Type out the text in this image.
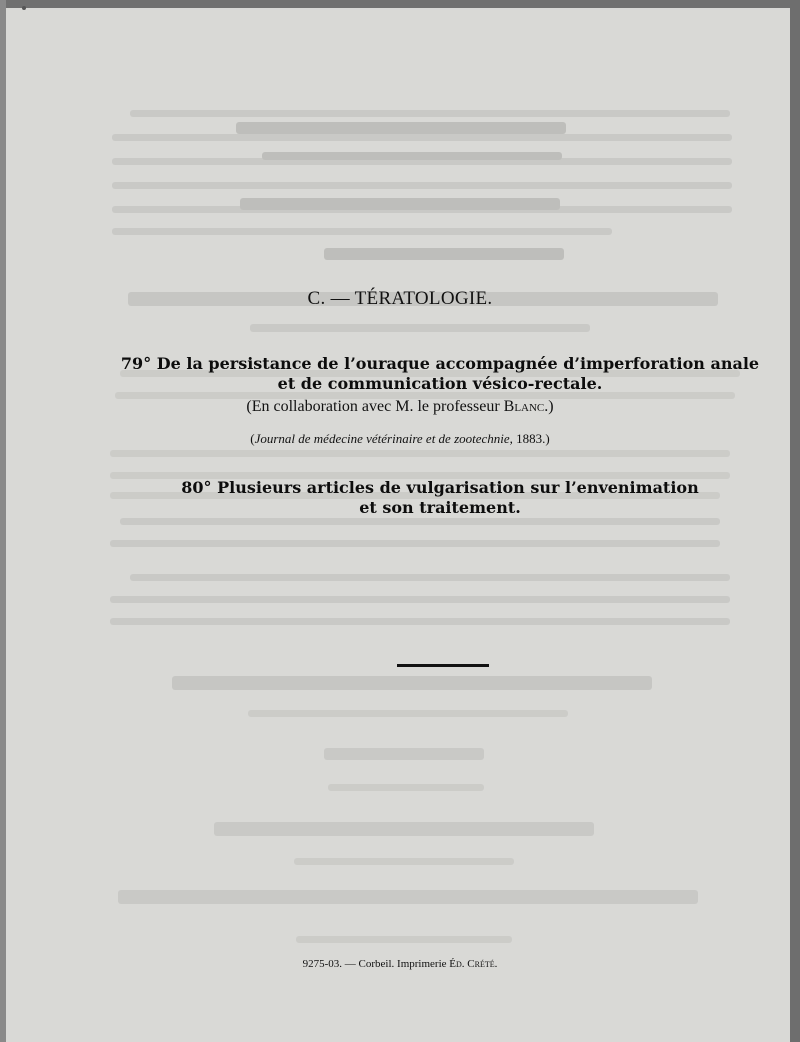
C. — TÉRATOLOGIE.
79° De la persistance de l’ouraque accompagnée d’imperforation anale
et de communication vésico-rectale.
(En collaboration avec M. le professeur Blanc.)
(Journal de médecine vétérinaire et de zootechnie, 1883.)
80° Plusieurs articles de vulgarisation sur l’envenimation
et son traitement.
9275-03. — Corbeil. Imprimerie Éd. Crété.
